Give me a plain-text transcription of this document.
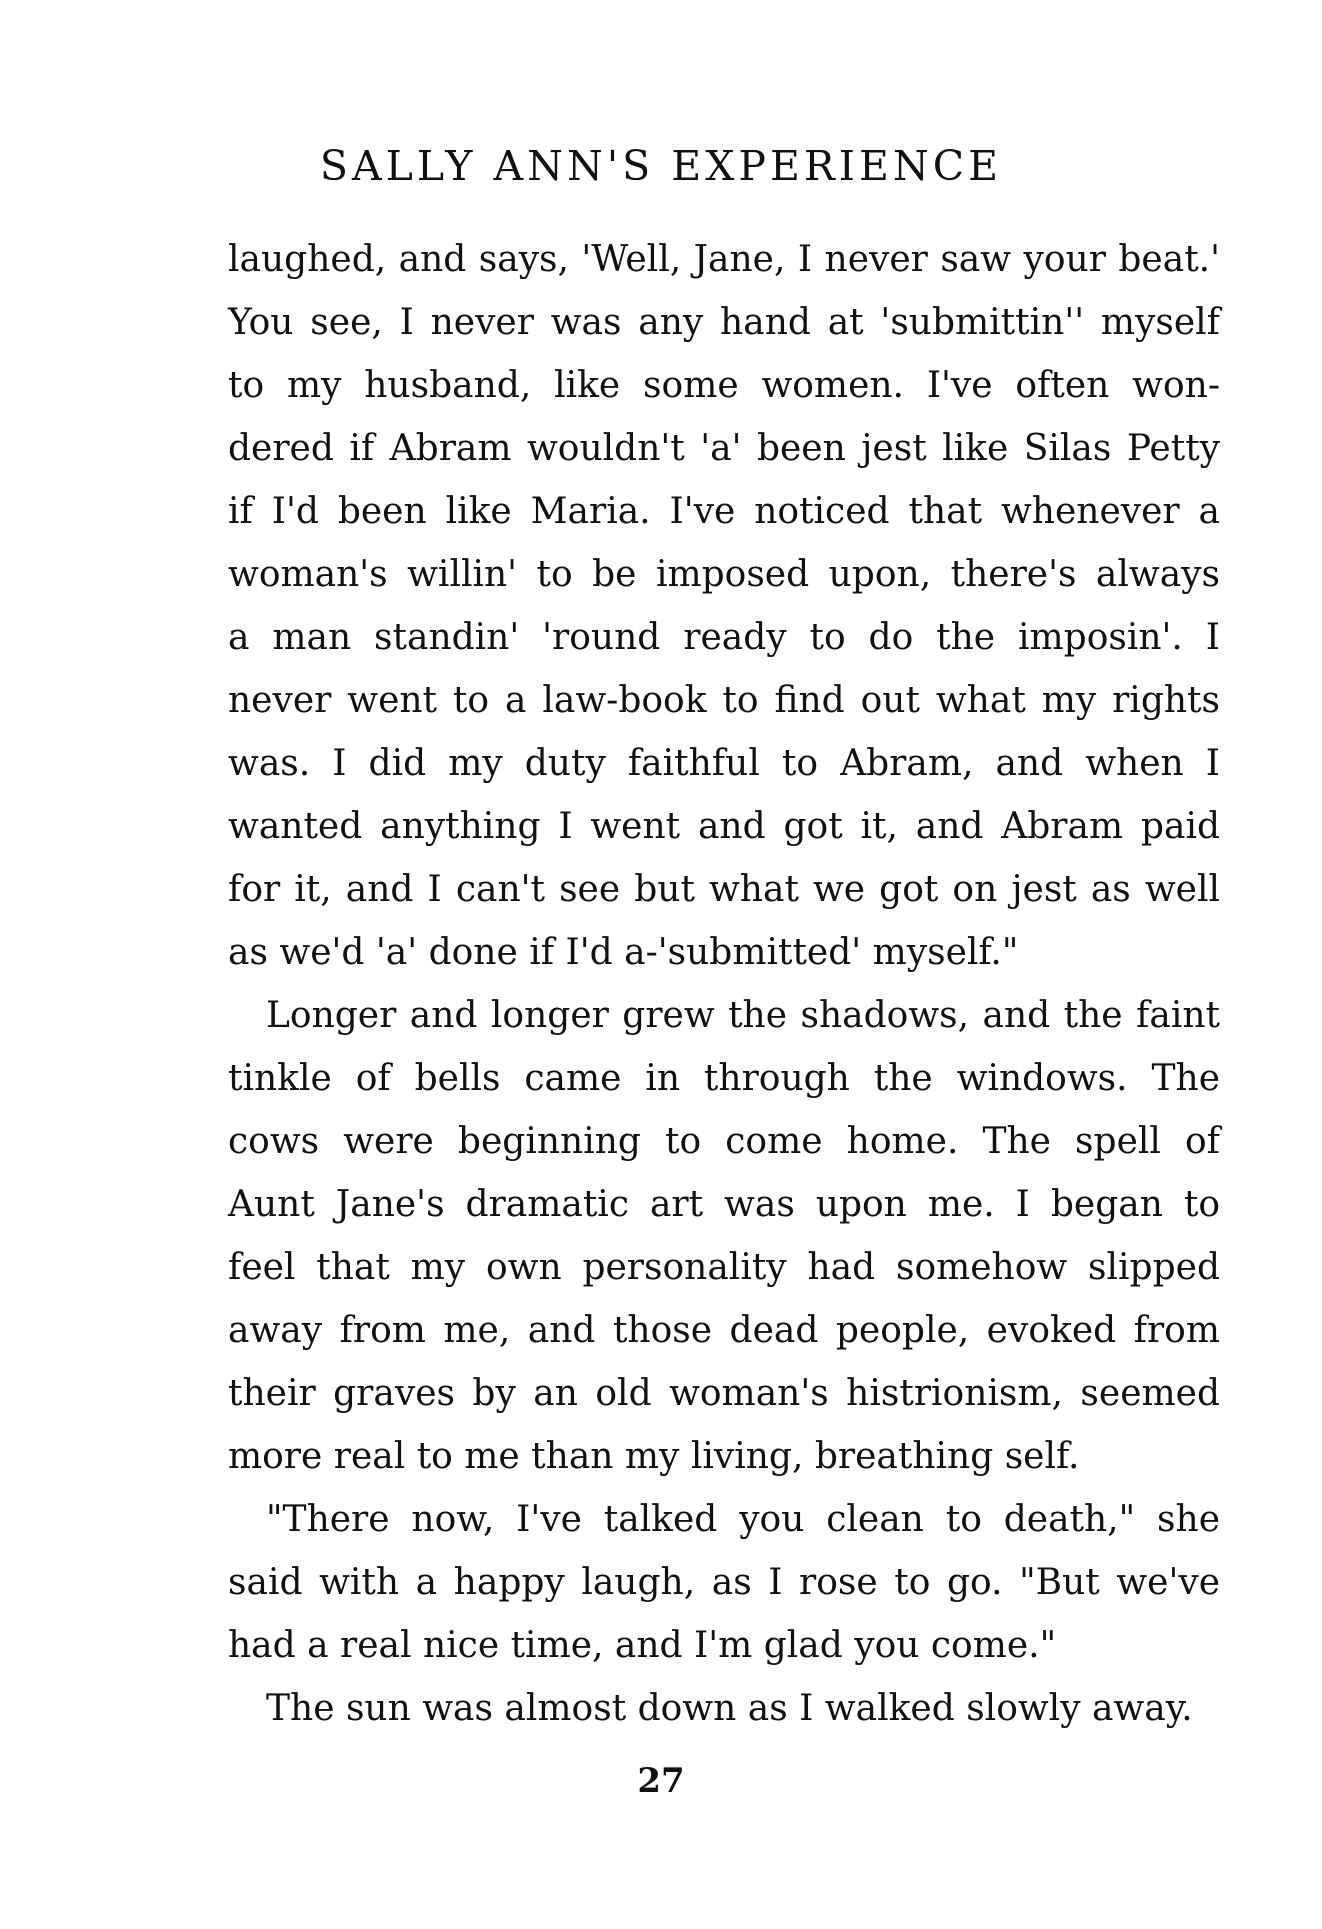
SALLY ANN'S EXPERIENCE
laughed, and says, 'Well, Jane, I never saw your beat.'
You see, I never was any hand at 'submittin'' myself
to my husband, like some women. I've often won-
dered if Abram wouldn't 'a' been jest like Silas Petty
if I'd been like Maria. I've noticed that whenever a
woman's willin' to be imposed upon, there's always
a man standin' 'round ready to do the imposin'. I
never went to a law-book to find out what my rights
was. I did my duty faithful to Abram, and when I
wanted anything I went and got it, and Abram paid
for it, and I can't see but what we got on jest as well
as we'd 'a' done if I'd a-'submitted' myself."
Longer and longer grew the shadows, and the faint
tinkle of bells came in through the windows. The
cows were beginning to come home. The spell of
Aunt Jane's dramatic art was upon me. I began to
feel that my own personality had somehow slipped
away from me, and those dead people, evoked from
their graves by an old woman's histrionism, seemed
more real to me than my living, breathing self.
"There now, I've talked you clean to death," she
said with a happy laugh, as I rose to go. "But we've
had a real nice time, and I'm glad you come."
The sun was almost down as I walked slowly away.
27
